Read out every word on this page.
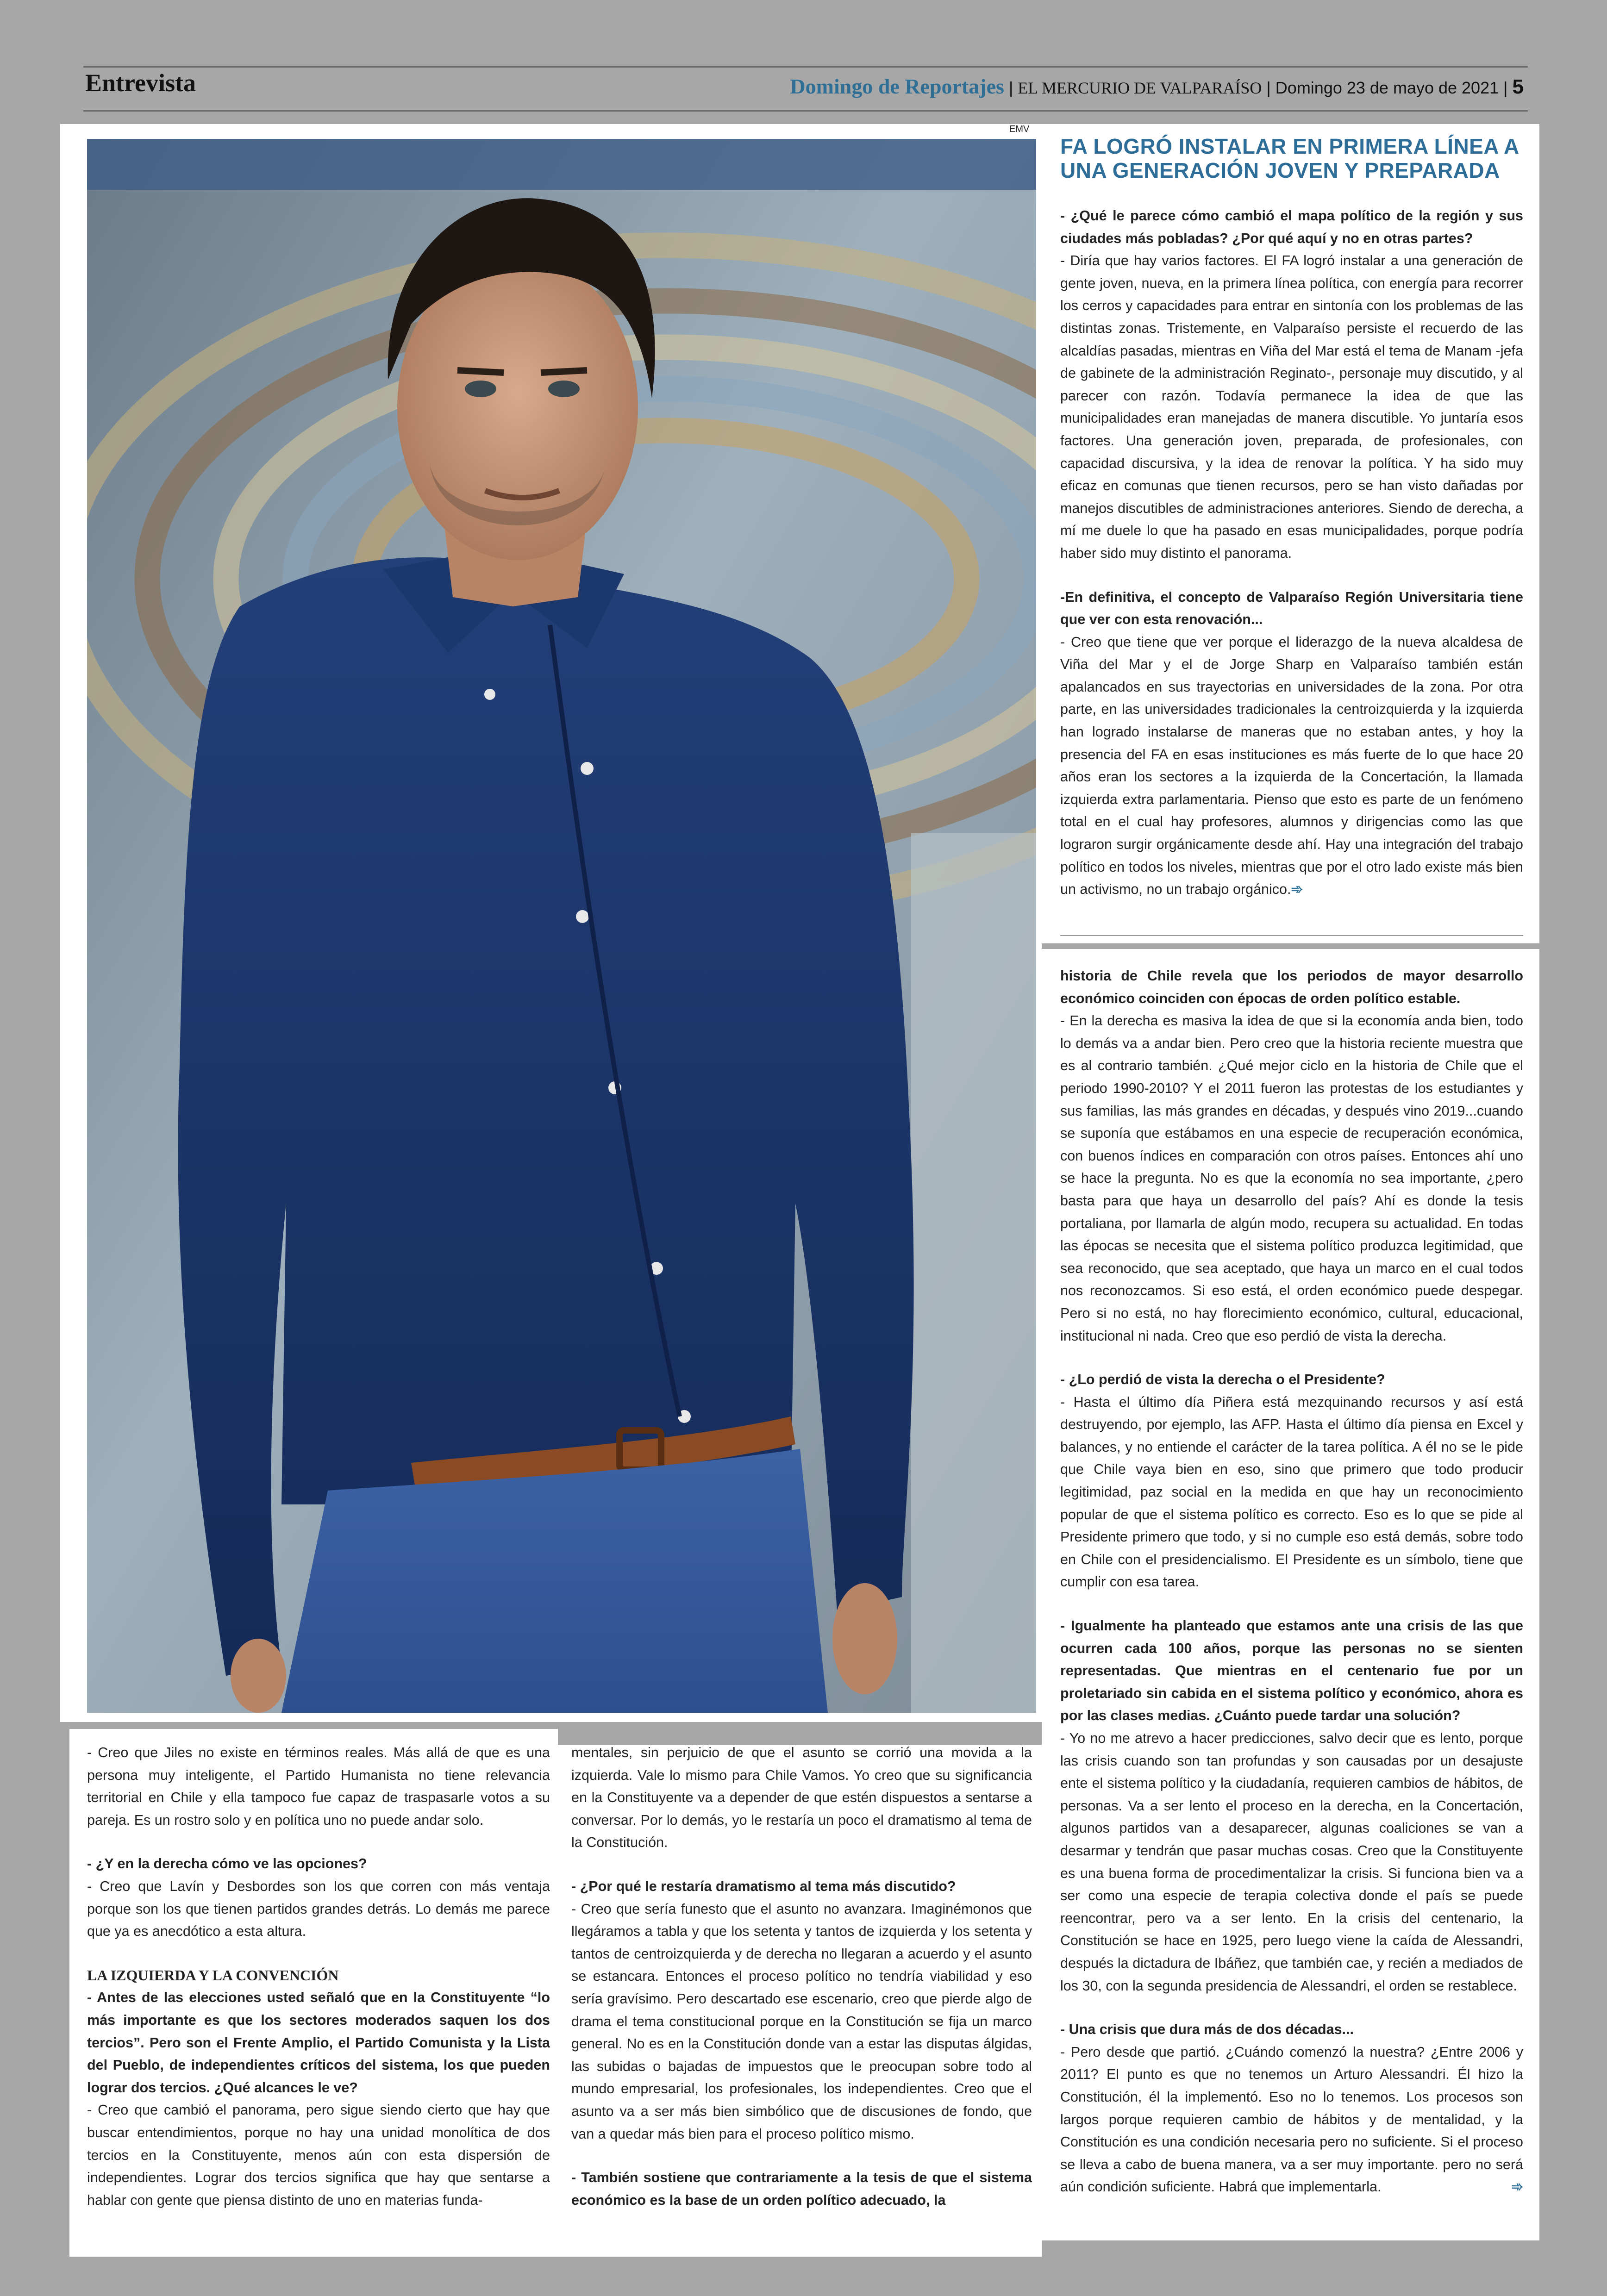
Entrevista	Domingo de Reportajes | EL MERCURIO DE VALPARAÍSO | Domingo 23 de mayo de 2021 | 5
EMV
FA LOGRÓ INSTALAR EN PRIMERA LÍNEA A UNA GENERACIÓN JOVEN Y PREPARADA

- ¿Qué le parece cómo cambió el mapa político de la región y sus ciudades más pobladas? ¿Por qué aquí y no en otras partes?
- Diría que hay varios factores. El FA logró instalar a una generación de gente joven, nueva, en la primera línea política, con energía para recorrer los cerros y capacidades para entrar en sintonía con los problemas de las distintas zonas. Tristemente, en Valparaíso persiste el recuerdo de las alcaldías pasadas, mientras en Viña del Mar está el tema de Manam -jefa de gabinete de la administración Reginato-, personaje muy discutido, y al parecer con razón. Todavía permanece la idea de que las municipalidades eran manejadas de manera discutible. Yo juntaría esos factores. Una generación joven, preparada, de profesionales, con capacidad discursiva, y la idea de renovar la política. Y ha sido muy eficaz en comunas que tienen recursos, pero se han visto dañadas por manejos discutibles de administraciones anteriores. Siendo de derecha, a mí me duele lo que ha pasado en esas municipalidades, porque podría haber sido muy distinto el panorama.

-En definitiva, el concepto de Valparaíso Región Universitaria tiene que ver con esta renovación...
- Creo que tiene que ver porque el liderazgo de la nueva alcaldesa de Viña del Mar y el de Jorge Sharp en Valparaíso también están apalancados en sus trayectorias en universidades de la zona. Por otra parte, en las universidades tradicionales la centroizquierda y la izquierda han logrado instalarse de maneras que no estaban antes, y hoy la presencia del FA en esas instituciones es más fuerte de lo que hace 20 años eran los sectores a la izquierda de la Concertación, la llamada izquierda extra parlamentaria. Pienso que esto es parte de un fenómeno total en el cual hay profesores, alumnos y dirigencias como las que lograron surgir orgánicamente desde ahí. Hay una integración del trabajo político en todos los niveles, mientras que por el otro lado existe más bien un activismo, no un trabajo orgánico.➾

historia de Chile revela que los periodos de mayor desarrollo económico coinciden con épocas de orden político estable.
- En la derecha es masiva la idea de que si la economía anda bien, todo lo demás va a andar bien. Pero creo que la historia reciente muestra que es al contrario también. ¿Qué mejor ciclo en la historia de Chile que el periodo 1990-2010? Y el 2011 fueron las protestas de los estudiantes y sus familias, las más grandes en décadas, y después vino 2019...cuando se suponía que estábamos en una especie de recuperación económica, con buenos índices en comparación con otros países. Entonces ahí uno se hace la pregunta. No es que la economía no sea importante, ¿pero basta para que haya un desarrollo del país? Ahí es donde la tesis portaliana, por llamarla de algún modo, recupera su actualidad. En todas las épocas se necesita que el sistema político produzca legitimidad, que sea reconocido, que sea aceptado, que haya un marco en el cual todos nos reconozcamos. Si eso está, el orden económico puede despegar. Pero si no está, no hay florecimiento económico, cultural, educacional, institucional ni nada. Creo que eso perdió de vista la derecha.

- ¿Lo perdió de vista la derecha o el Presidente?
- Hasta el último día Piñera está mezquinando recursos y así está destruyendo, por ejemplo, las AFP. Hasta el último día piensa en Excel y balances, y no entiende el carácter de la tarea política. A él no se le pide que Chile vaya bien en eso, sino que primero que todo producir legitimidad, paz social en la medida en que hay un reconocimiento popular de que el sistema político es correcto. Eso es lo que se pide al Presidente primero que todo, y si no cumple eso está demás, sobre todo en Chile con el presidencialismo. El Presidente es un símbolo, tiene que cumplir con esa tarea.

- Igualmente ha planteado que estamos ante una crisis de las que ocurren cada 100 años, porque las personas no se sienten representadas. Que mientras en el centenario fue por un proletariado sin cabida en el sistema político y económico, ahora es por las clases medias. ¿Cuánto puede tardar una solución?
- Yo no me atrevo a hacer predicciones, salvo decir que es lento, porque las crisis cuando son tan profundas y son causadas por un desajuste ente el sistema político y la ciudadanía, requieren cambios de hábitos, de personas. Va a ser lento el proceso en la derecha, en la Concertación, algunos partidos van a desaparecer, algunas coaliciones se van a desarmar y tendrán que pasar muchas cosas. Creo que la Constituyente es una buena forma de procedimentalizar la crisis. Si funciona bien va a ser como una especie de terapia colectiva donde el país se puede reencontrar, pero va a ser lento. En la crisis del centenario, la Constitución se hace en 1925, pero luego viene la caída de Alessandri, después la dictadura de Ibáñez, que también cae, y recién a mediados de los 30, con la segunda presidencia de Alessandri, el orden se restablece.

- Una crisis que dura más de dos décadas...
- Pero desde que partió. ¿Cuándo comenzó la nuestra? ¿Entre 2006 y 2011? El punto es que no tenemos un Arturo Alessandri. Él hizo la Constitución, él la implementó. Eso no lo tenemos. Los procesos son largos porque requieren cambio de hábitos y de mentalidad, y la Constitución es una condición necesaria pero no suficiente. Si el proceso se lleva a cabo de buena manera, va a ser muy importante. pero no será aún condición suficiente. Habrá que implementarla.	➾

- Creo que Jiles no existe en términos reales. Más allá de que es una persona muy inteligente, el Partido Humanista no tiene relevancia territorial en Chile y ella tampoco fue capaz de traspasarle votos a su pareja. Es un rostro solo y en política uno no puede andar solo.

- ¿Y en la derecha cómo ve las opciones?
- Creo que Lavín y Desbordes son los que corren con más ventaja porque son los que tienen partidos grandes detrás. Lo demás me parece que ya es anecdótico a esta altura.

LA IZQUIERDA Y LA CONVENCIÓN
- Antes de las elecciones usted señaló que en la Constituyente “lo más importante es que los sectores moderados saquen los dos tercios”. Pero son el Frente Amplio, el Partido Comunista y la Lista del Pueblo, de independientes críticos del sistema, los que pueden lograr dos tercios. ¿Qué alcances le ve?
- Creo que cambió el panorama, pero sigue siendo cierto que hay que buscar entendimientos, porque no hay una unidad monolítica de dos tercios en la Constituyente, menos aún con esta dispersión de independientes. Lograr dos tercios significa que hay que sentarse a hablar con gente que piensa distinto de uno en materias funda-

mentales, sin perjuicio de que el asunto se corrió una movida a la izquierda. Vale lo mismo para Chile Vamos. Yo creo que su significancia en la Constituyente va a depender de que estén dispuestos a sentarse a conversar. Por lo demás, yo le restaría un poco el dramatismo al tema de la Constitución.

- ¿Por qué le restaría dramatismo al tema más discutido?
- Creo que sería funesto que el asunto no avanzara. Imaginémonos que llegáramos a tabla y que los setenta y tantos de izquierda y los setenta y tantos de centroizquierda y de derecha no llegaran a acuerdo y el asunto se estancara. Entonces el proceso político no tendría viabilidad y eso sería gravísimo. Pero descartado ese escenario, creo que pierde algo de drama el tema constitucional porque en la Constitución se fija un marco general. No es en la Constitución donde van a estar las disputas álgidas, las subidas o bajadas de impuestos que le preocupan sobre todo al mundo empresarial, los profesionales, los independientes. Creo que el asunto va a ser más bien simbólico que de discusiones de fondo, que van a quedar más bien para el proceso político mismo.

- También sostiene que contrariamente a la tesis de que el sistema económico es la base de un orden político adecuado, la
